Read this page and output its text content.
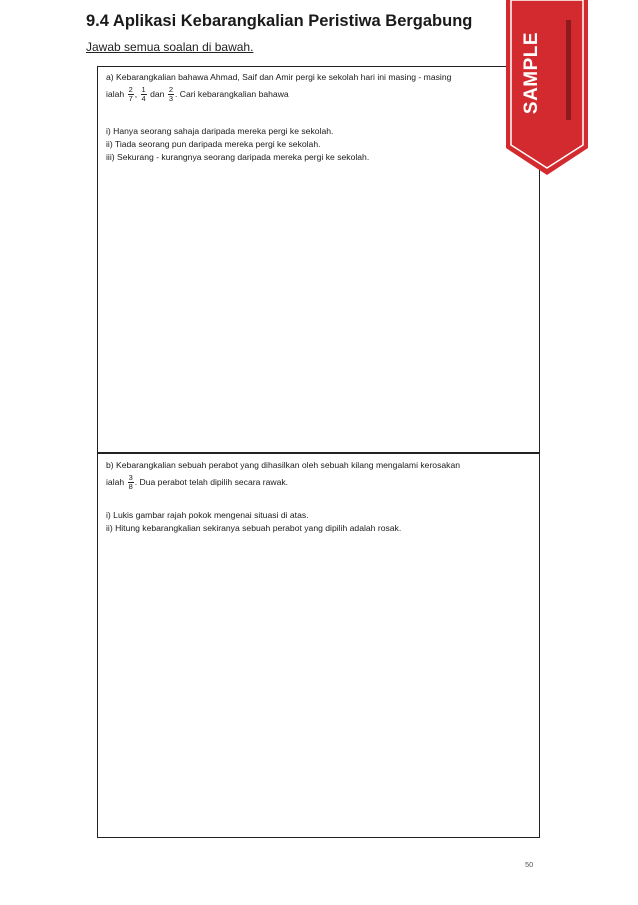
9.4 Aplikasi Kebarangkalian Peristiwa Bergabung
Jawab semua soalan di bawah.
a) Kebarangkalian bahawa Ahmad, Saif dan Amir pergi ke sekolah hari ini masing - masing
ialah $\frac{2}{7}$ , $\frac{1}{4}$ dan $\frac{2}{3}$ . Cari kebarangkalian bahawa
i) Hanya seorang sahaja daripada mereka pergi ke sekolah.
ii) Tiada seorang pun daripada mereka pergi ke sekolah.
iii) Sekurang - kurangnya seorang daripada mereka pergi ke sekolah.
b) Kebarangkalian sebuah perabot yang dihasilkan oleh sebuah kilang mengalami kerosakan
ialah $\frac{3}{8}$ . Dua perabot telah dipilih secara rawak.
i) Lukis gambar rajah pokok mengenai situasi di atas.
ii) Hitung kebarangkalian sekiranya sebuah perabot yang dipilih adalah rosak.
SAMPLE
50
